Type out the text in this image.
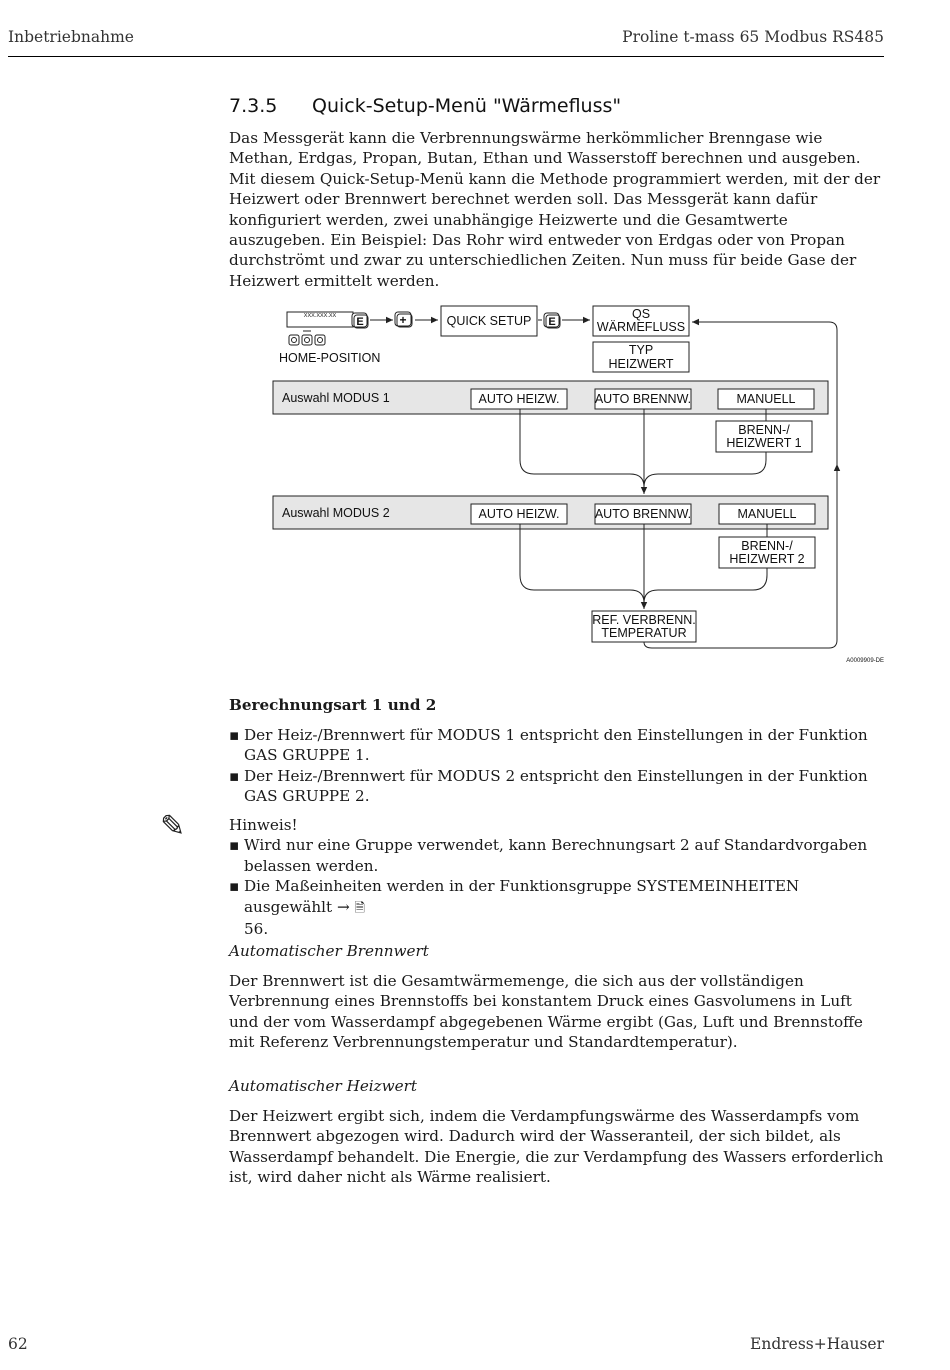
Inbetriebnahme	Proline t-mass 65 Modbus RS485
7.3.5 Quick-Setup-Menü "Wärmefluss"

Das Messgerät kann die Verbrennungswärme herkömmlicher Brenngase wie Methan, Erdgas, Propan, Butan, Ethan und Wasserstoff berechnen und ausgeben.

Mit diesem Quick-Setup-Menü kann die Methode programmiert werden, mit der der Heizwert oder Brennwert berechnet werden soll. Das Messgerät kann dafür konfiguriert werden, zwei unabhängige Heizwerte und die Gesamtwerte auszugeben. Ein Beispiel: Das Rohr wird entweder von Erdgas oder von Propan durchströmt und zwar zu unterschiedlichen Zeiten. Nun muss für beide Gase der Heizwert ermittelt werden.

XXX.XXX.XX
HOME-POSITION
E	+	QUICK SETUP E
QS
WÄRMEFLUSS
TYP
HEIZWERT
Auswahl MODUS 1	AUTO HEIZW.	AUTO BRENNW.	MANUELL
BRENN-/
HEIZWERT 1
Auswahl MODUS 2	AUTO HEIZW.	AUTO BRENNW.	MANUELL
BRENN-/
HEIZWERT 2
REF. VERBRENN.
TEMPERATUR
A0009909-DE
Berechnungsart 1 und 2
▪ Der Heiz-/Brennwert für MODUS 1 entspricht den Einstellungen in der Funktion GAS GRUPPE 1.
▪ Der Heiz-/Brennwert für MODUS 2 entspricht den Einstellungen in der Funktion GAS GRUPPE 2.
✎	Hinweis!
▪ Wird nur eine Gruppe verwendet, kann Berechnungsart 2 auf Standardvorgaben belassen werden.
▪ Die Maßeinheiten werden in der Funktionsgruppe SYSTEMEINHEITEN ausgewählt → 🗎
56.
Automatischer Brennwert

Der Brennwert ist die Gesamtwärmemenge, die sich aus der vollständigen Verbrennung eines Brennstoffs bei konstantem Druck eines Gasvolumens in Luft und der vom Wasserdampf abgegebenen Wärme ergibt (Gas, Luft und Brennstoffe mit Referenz Verbrennungstemperatur und Standardtemperatur).

Automatischer Heizwert

Der Heizwert ergibt sich, indem die Verdampfungswärme des Wasserdampfs vom Brennwert abgezogen wird. Dadurch wird der Wasseranteil, der sich bildet, als Wasserdampf behandelt. Die Energie, die zur Verdampfung des Wassers erforderlich ist, wird daher nicht als Wärme realisiert.

62	Endress+Hauser
